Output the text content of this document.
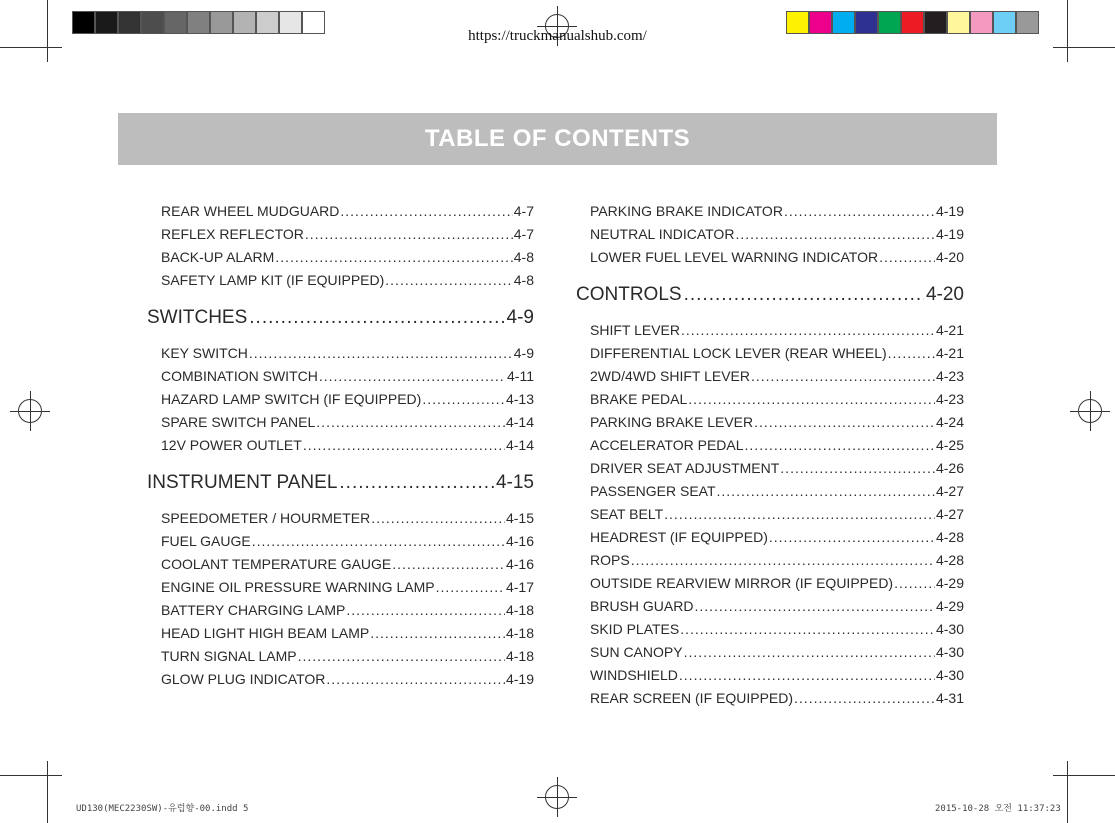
https://truckmanualshub.com/
TABLE OF CONTENTS
REAR WHEEL MUDGUARD .....	4-7
REFLEX REFLECTOR .....	4-7
BACK-UP ALARM .....	4-8
SAFETY LAMP KIT (IF EQUIPPED) .....	4-8
SWITCHES .....	4-9
KEY SWITCH .....	4-9
COMBINATION SWITCH .....	4-11
HAZARD LAMP SWITCH (IF EQUIPPED) .....	4-13
SPARE SWITCH PANEL .....	4-14
12V POWER OUTLET .....	4-14
INSTRUMENT PANEL .....	4-15
SPEEDOMETER / HOURMETER .....	4-15
FUEL GAUGE .....	4-16
COOLANT TEMPERATURE GAUGE .....	4-16
ENGINE OIL PRESSURE WARNING LAMP .....	4-17
BATTERY CHARGING LAMP .....	4-18
HEAD LIGHT HIGH BEAM LAMP .....	4-18
TURN SIGNAL LAMP .....	4-18
GLOW PLUG INDICATOR .....	4-19
PARKING BRAKE INDICATOR .....	4-19
NEUTRAL INDICATOR .....	4-19
LOWER FUEL LEVEL WARNING INDICATOR .....	4-20
CONTROLS .....	4-20
SHIFT LEVER .....	4-21
DIFFERENTIAL LOCK LEVER (REAR WHEEL) .....	4-21
2WD/4WD SHIFT LEVER .....	4-23
BRAKE PEDAL .....	4-23
PARKING BRAKE LEVER .....	4-24
ACCELERATOR PEDAL .....	4-25
DRIVER SEAT ADJUSTMENT .....	4-26
PASSENGER SEAT .....	4-27
SEAT BELT .....	4-27
HEADREST (IF EQUIPPED) .....	4-28
ROPS .....	4-28
OUTSIDE REARVIEW MIRROR (IF EQUIPPED) .....	4-29
BRUSH GUARD .....	4-29
SKID PLATES .....	4-30
SUN CANOPY .....	4-30
WINDSHIELD .....	4-30
REAR SCREEN (IF EQUIPPED) .....	4-31
UD130(MEC2230SW)-유럽향-00.indd 5	2015-10-28 오전 11:37:23
